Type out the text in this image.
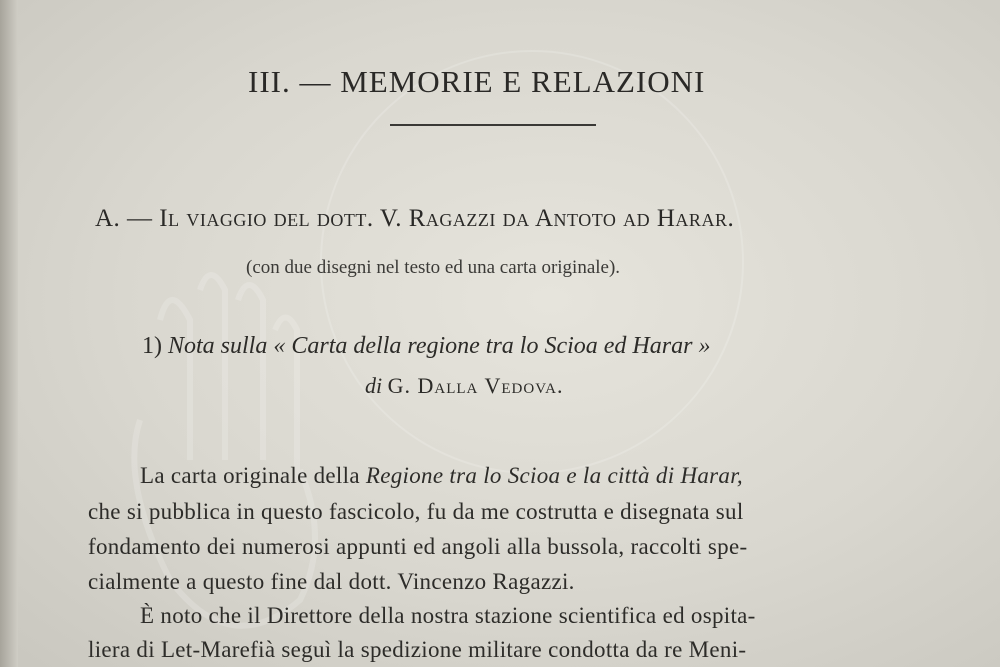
III. — MEMORIE E RELAZIONI

A. — Il viaggio del dott. V. Ragazzi da Antoto ad Harar.

(con due disegni nel testo ed una carta originale).

1) Nota sulla « Carta della regione tra lo Scioa ed Harar »

di G. Dalla Vedova.

La carta originale della Regione tra lo Scioa e la città di Harar,

che si pubblica in questo fascicolo, fu da me costrutta e disegnata sul

fondamento dei numerosi appunti ed angoli alla bussola, raccolti spe-

cialmente a questo fine dal dott. Vincenzo Ragazzi.

È noto che il Direttore della nostra stazione scientifica ed ospita-

liera di Let-Marefià seguì la spedizione militare condotta da re Meni-
